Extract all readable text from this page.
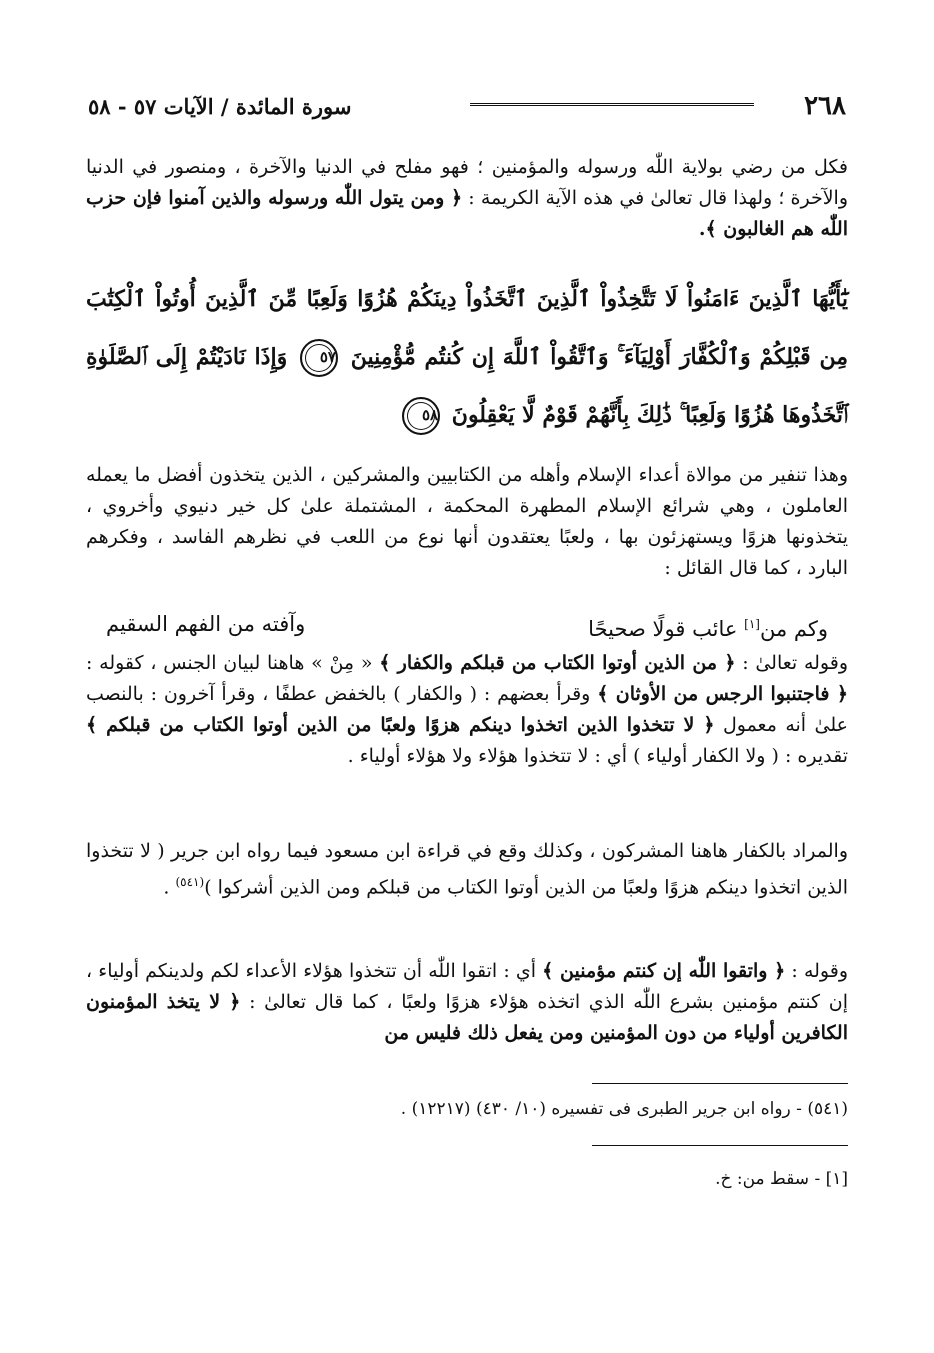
٢٦٨
سورة المائدة / الآيات ٥٧ - ٥٨
فكل من رضي بولاية اللّٰه ورسوله والمؤمنين ؛ فهو مفلح في الدنيا والآخرة ، ومنصور في الدنيا والآخرة ؛ ولهذا قال تعالىٰ في هذه الآية الكريمة : ﴿ ومن يتول اللّٰه ورسوله والذين آمنوا فإن حزب اللّٰه هم الغالبون ﴾.
يَٰٓأَيُّهَا ٱلَّذِينَ ءَامَنُواْ لَا تَتَّخِذُواْ ٱلَّذِينَ ٱتَّخَذُواْ دِينَكُمْ هُزُوًا وَلَعِبًا مِّنَ ٱلَّذِينَ أُوتُواْ ٱلْكِتَٰبَ مِن قَبْلِكُمْ وَٱلْكُفَّارَ أَوْلِيَآءَ ۚ وَٱتَّقُواْ ٱللَّهَ إِن كُنتُم مُّؤْمِنِينَ ٥٧ وَإِذَا نَادَيْتُمْ إِلَى ٱلصَّلَوٰةِ ٱتَّخَذُوهَا هُزُوًا وَلَعِبًا ۚ ذَٰلِكَ بِأَنَّهُمْ قَوْمٌ لَّا يَعْقِلُونَ ٥٨
وهذا تنفير من موالاة أعداء الإسلام وأهله من الكتابيين والمشركين ، الذين يتخذون أفضل ما يعمله العاملون ، وهي شرائع الإسلام المطهرة المحكمة ، المشتملة علىٰ كل خير دنيوي وأخروي ، يتخذونها هزوًا ويستهزئون بها ، ولعبًا يعتقدون أنها نوع من اللعب في نظرهم الفاسد ، وفكرهم البارد ، كما قال القائل :
وكم من[١] عائب قولًا صحيحًا
وآفته من الفهم السقيم
وقوله تعالىٰ : ﴿ من الذين أوتوا الكتاب من قبلكم والكفار ﴾ « مِنْ » هاهنا لبيان الجنس ، كقوله : ﴿ فاجتنبوا الرجس من الأوثان ﴾ وقرأ بعضهم : ( والكفار ) بالخفض عطفًا ، وقرأ آخرون : بالنصب علىٰ أنه معمول ﴿ لا تتخذوا الذين اتخذوا دينكم هزوًا ولعبًا من الذين أوتوا الكتاب من قبلكم ﴾ تقديره : ( ولا الكفار أولياء ) أي : لا تتخذوا هؤلاء ولا هؤلاء أولياء .
والمراد بالكفار هاهنا المشركون ، وكذلك وقع في قراءة ابن مسعود فيما رواه ابن جرير ( لا تتخذوا الذين اتخذوا دينكم هزوًا ولعبًا من الذين أوتوا الكتاب من قبلكم ومن الذين أشركوا )$^{(٥٤١)}$ .
وقوله : ﴿ واتقوا اللّٰه إن كنتم مؤمنين ﴾ أي : اتقوا اللّٰه أن تتخذوا هؤلاء الأعداء لكم ولدينكم أولياء ، إن كنتم مؤمنين بشرع اللّٰه الذي اتخذه هؤلاء هزوًا ولعبًا ، كما قال تعالىٰ : ﴿ لا يتخذ المؤمنون الكافرين أولياء من دون المؤمنين ومن يفعل ذلك فليس من
(٥٤١) - رواه ابن جرير الطبرى فى تفسيره (١٠/ ٤٣٠) (١٢٢١٧) .
[١] - سقط من: خ.
